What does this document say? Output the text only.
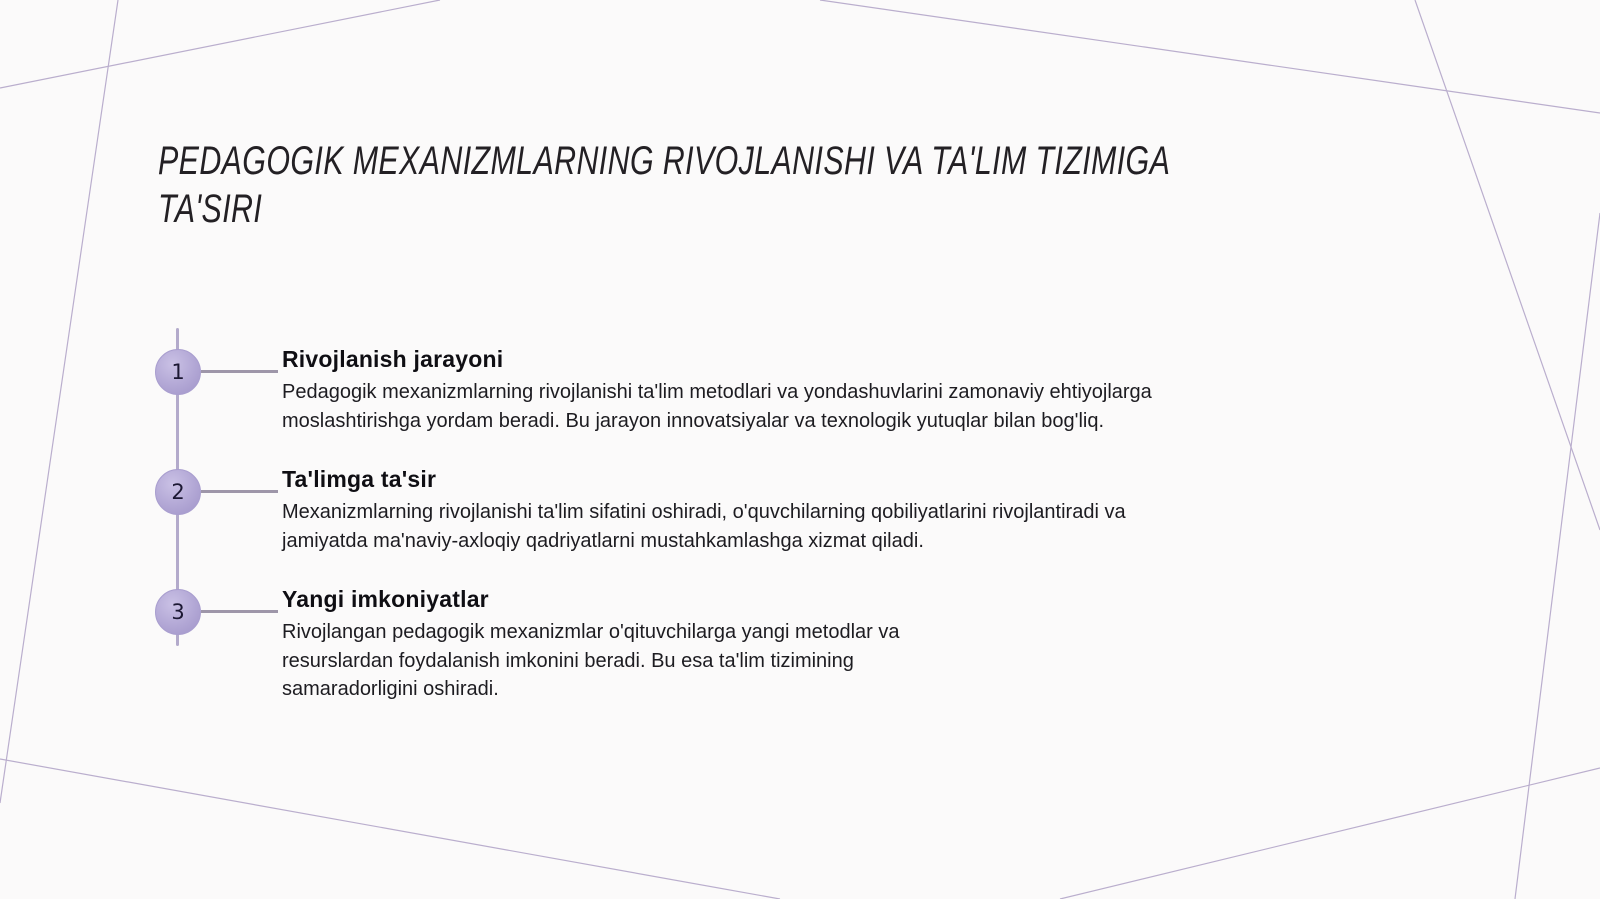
PEDAGOGIK MEXANIZMLARNING RIVOJLANISHI VA TA'LIM TIZIMIGA
TA'SIRI
1	Rivojlanish jarayoni
Pedagogik mexanizmlarning rivojlanishi ta'lim metodlari va yondashuvlarini zamonaviy ehtiyojlarga
moslashtirishga yordam beradi. Bu jarayon innovatsiyalar va texnologik yutuqlar bilan bog'liq.
2	Ta'limga ta'sir
Mexanizmlarning rivojlanishi ta'lim sifatini oshiradi, o'quvchilarning qobiliyatlarini rivojlantiradi va
jamiyatda ma'naviy-axloqiy qadriyatlarni mustahkamlashga xizmat qiladi.
3	Yangi imkoniyatlar
Rivojlangan pedagogik mexanizmlar o'qituvchilarga yangi metodlar va
resurslardan foydalanish imkonini beradi. Bu esa ta'lim tizimining
samaradorligini oshiradi.
